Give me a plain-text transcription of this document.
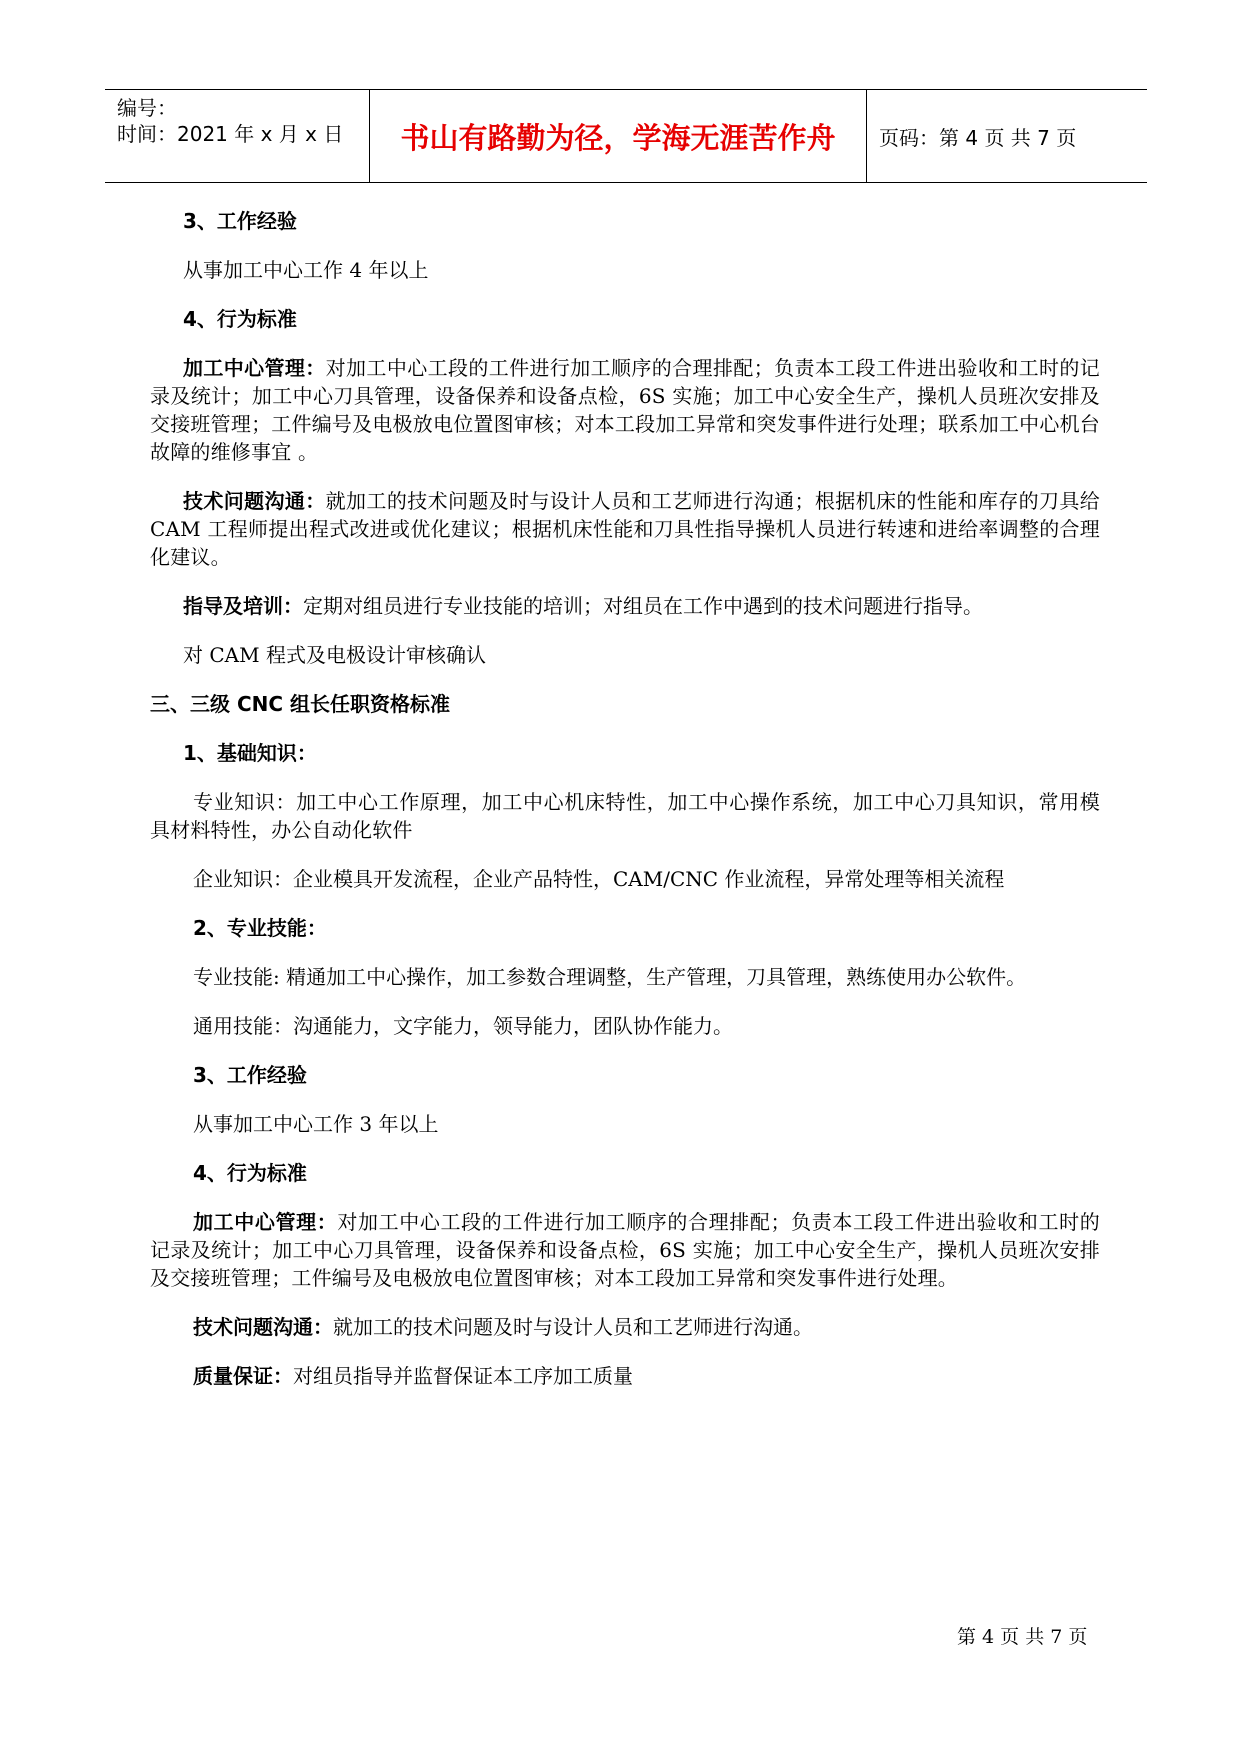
编号：
时间：2021 年 x 月 x 日 书山有路勤为径，学海无涯苦作舟 页码：第 4 页 共 7 页
3、工作经验
从事加工中心工作 4 年以上
4、行为标准

加工中心管理：对加工中心工段的工件进行加工顺序的合理排配；负责本工段工件进出验收和工时的记录及统计；加工中心刀具管理，设备保养和设备点检，6S 实施；加工中心安全生产，操机人员班次安排及交接班管理；工件编号及电极放电位置图审核；对本工段加工异常和突发事件进行处理；联系加工中心机台故障的维修事宜 。

技术问题沟通：就加工的技术问题及时与设计人员和工艺师进行沟通；根据机床的性能和库存的刀具给 CAM 工程师提出程式改进或优化建议；根据机床性能和刀具性指导操机人员进行转速和进给率调整的合理化建议。

指导及培训：定期对组员进行专业技能的培训；对组员在工作中遇到的技术问题进行指导。
对 CAM 程式及电极设计审核确认
三、三级 CNC 组长任职资格标准
1、基础知识：

专业知识：加工中心工作原理，加工中心机床特性，加工中心操作系统，加工中心刀具知识，常用模具材料特性，办公自动化软件

企业知识：企业模具开发流程，企业产品特性，CAM/CNC 作业流程，异常处理等相关流程
2、专业技能：
专业技能: 精通加工中心操作，加工参数合理调整，生产管理，刀具管理，熟练使用办公软件。
通用技能：沟通能力，文字能力，领导能力，团队协作能力。
3、工作经验
从事加工中心工作 3 年以上
4、行为标准

加工中心管理：对加工中心工段的工件进行加工顺序的合理排配；负责本工段工件进出验收和工时的记录及统计；加工中心刀具管理，设备保养和设备点检，6S 实施；加工中心安全生产，操机人员班次安排及交接班管理；工件编号及电极放电位置图审核；对本工段加工异常和突发事件进行处理。

技术问题沟通：就加工的技术问题及时与设计人员和工艺师进行沟通。
质量保证：对组员指导并监督保证本工序加工质量
第 4 页 共 7 页
